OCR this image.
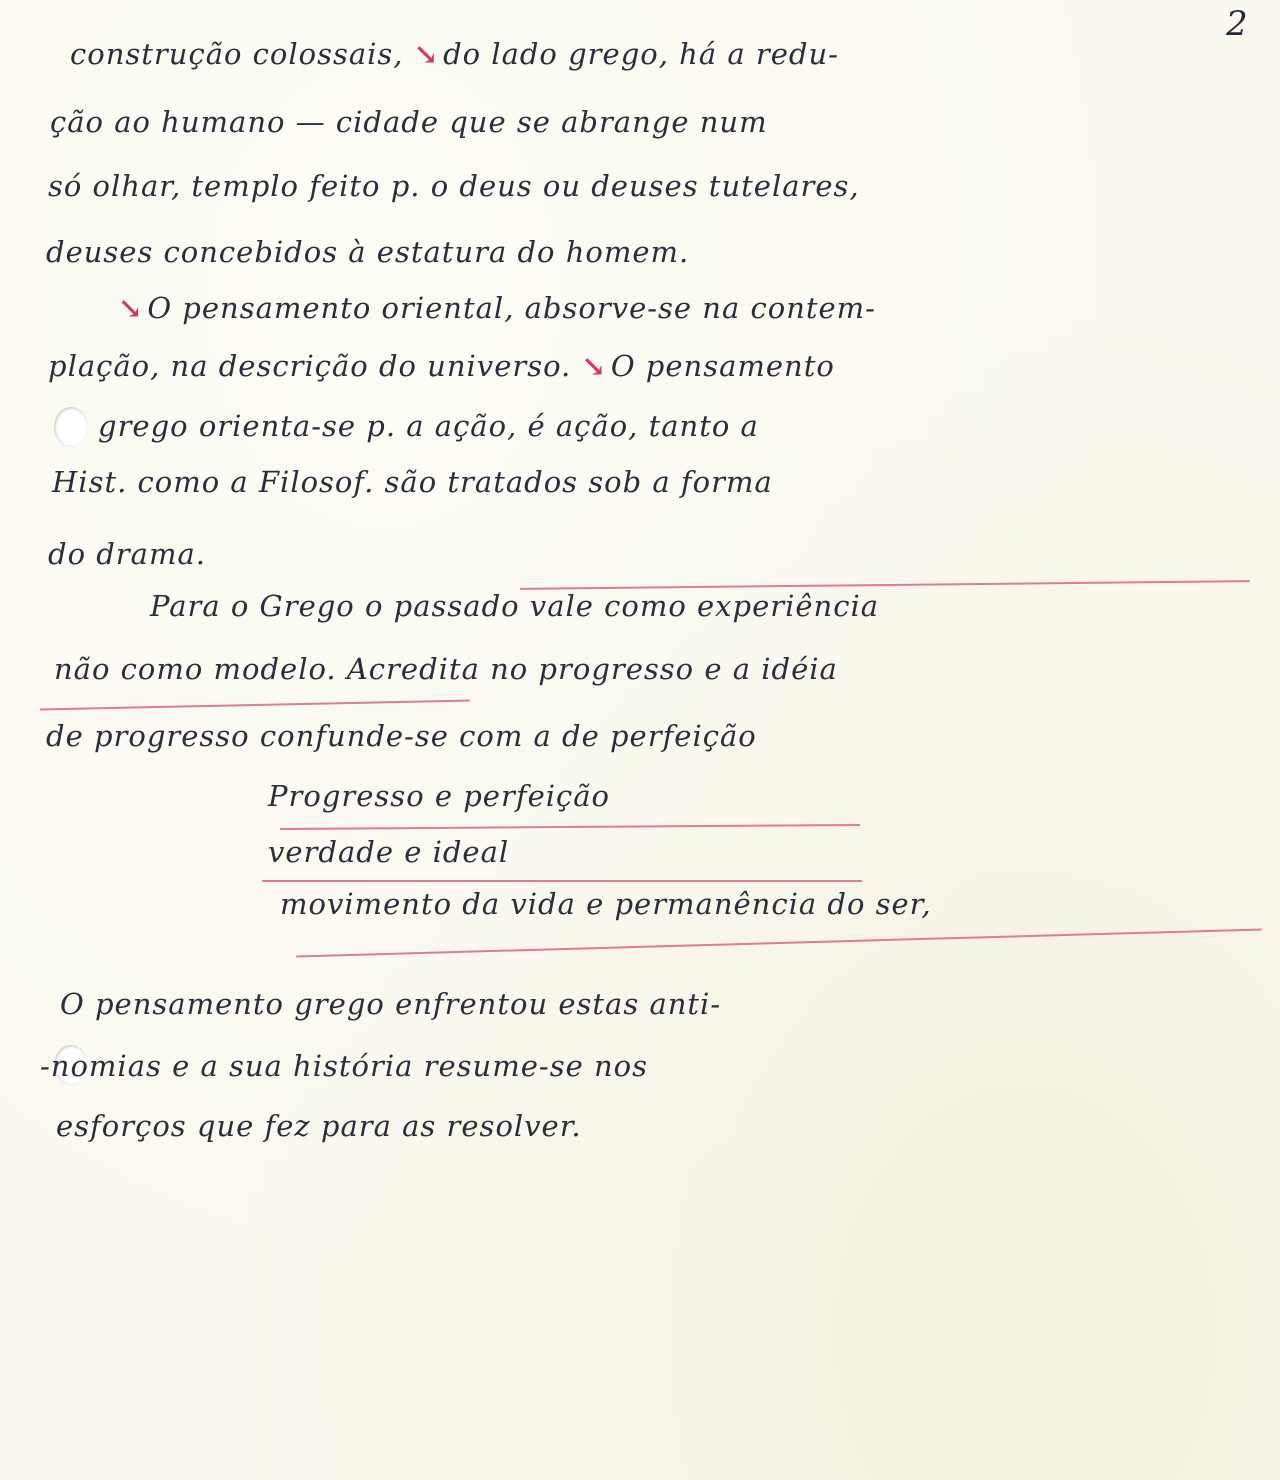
2
construção colossais, ↘ do lado grego, há a redu-
ção ao humano — cidade que se abrange num
só olhar, templo feito p. o deus ou deuses tutelares,
deuses concebidos à estatura do homem.
↘ O pensamento oriental, absorve-se na contem-
plação, na descrição do universo. ↘ O pensamento
grego orienta-se p. a ação, é ação, tanto a
Hist. como a Filosof. são tratados sob a forma
do drama.
Para o Grego o passado vale como experiência
não como modelo. Acredita no progresso e a idéia
de progresso confunde-se com a de perfeição
Progresso e perfeição
verdade e ideal
movimento da vida e permanência do ser,
O pensamento grego enfrentou estas anti-
-nomias e a sua história resume-se nos
esforços que fez para as resolver.
